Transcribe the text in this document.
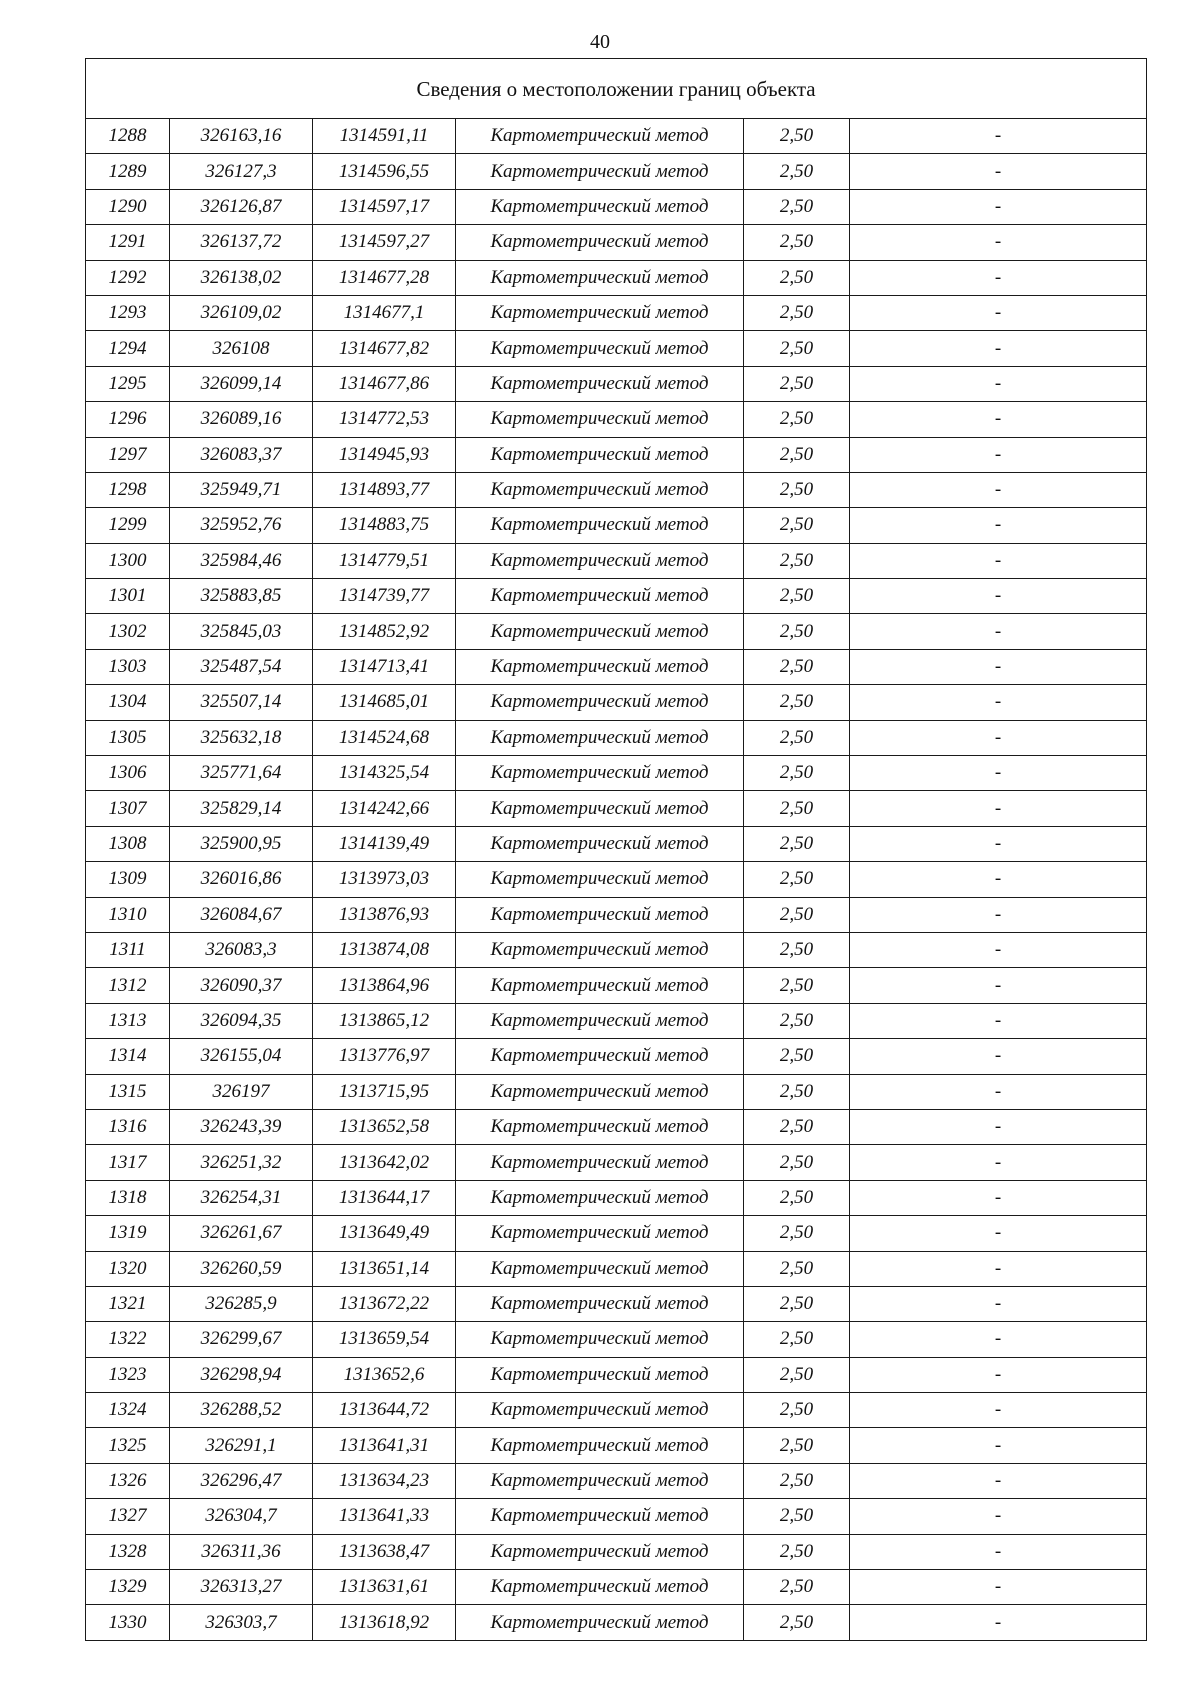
40
Сведения о местоположении границ объекта					
1288	326163,16	1314591,11	Картометрический метод	2,50	-
1289	326127,3	1314596,55	Картометрический метод	2,50	-
1290	326126,87	1314597,17	Картометрический метод	2,50	-
1291	326137,72	1314597,27	Картометрический метод	2,50	-
1292	326138,02	1314677,28	Картометрический метод	2,50	-
1293	326109,02	1314677,1	Картометрический метод	2,50	-
1294	326108	1314677,82	Картометрический метод	2,50	-
1295	326099,14	1314677,86	Картометрический метод	2,50	-
1296	326089,16	1314772,53	Картометрический метод	2,50	-
1297	326083,37	1314945,93	Картометрический метод	2,50	-
1298	325949,71	1314893,77	Картометрический метод	2,50	-
1299	325952,76	1314883,75	Картометрический метод	2,50	-
1300	325984,46	1314779,51	Картометрический метод	2,50	-
1301	325883,85	1314739,77	Картометрический метод	2,50	-
1302	325845,03	1314852,92	Картометрический метод	2,50	-
1303	325487,54	1314713,41	Картометрический метод	2,50	-
1304	325507,14	1314685,01	Картометрический метод	2,50	-
1305	325632,18	1314524,68	Картометрический метод	2,50	-
1306	325771,64	1314325,54	Картометрический метод	2,50	-
1307	325829,14	1314242,66	Картометрический метод	2,50	-
1308	325900,95	1314139,49	Картометрический метод	2,50	-
1309	326016,86	1313973,03	Картометрический метод	2,50	-
1310	326084,67	1313876,93	Картометрический метод	2,50	-
1311	326083,3	1313874,08	Картометрический метод	2,50	-
1312	326090,37	1313864,96	Картометрический метод	2,50	-
1313	326094,35	1313865,12	Картометрический метод	2,50	-
1314	326155,04	1313776,97	Картометрический метод	2,50	-
1315	326197	1313715,95	Картометрический метод	2,50	-
1316	326243,39	1313652,58	Картометрический метод	2,50	-
1317	326251,32	1313642,02	Картометрический метод	2,50	-
1318	326254,31	1313644,17	Картометрический метод	2,50	-
1319	326261,67	1313649,49	Картометрический метод	2,50	-
1320	326260,59	1313651,14	Картометрический метод	2,50	-
1321	326285,9	1313672,22	Картометрический метод	2,50	-
1322	326299,67	1313659,54	Картометрический метод	2,50	-
1323	326298,94	1313652,6	Картометрический метод	2,50	-
1324	326288,52	1313644,72	Картометрический метод	2,50	-
1325	326291,1	1313641,31	Картометрический метод	2,50	-
1326	326296,47	1313634,23	Картометрический метод	2,50	-
1327	326304,7	1313641,33	Картометрический метод	2,50	-
1328	326311,36	1313638,47	Картометрический метод	2,50	-
1329	326313,27	1313631,61	Картометрический метод	2,50	-
1330	326303,7	1313618,92	Картометрический метод	2,50	-
